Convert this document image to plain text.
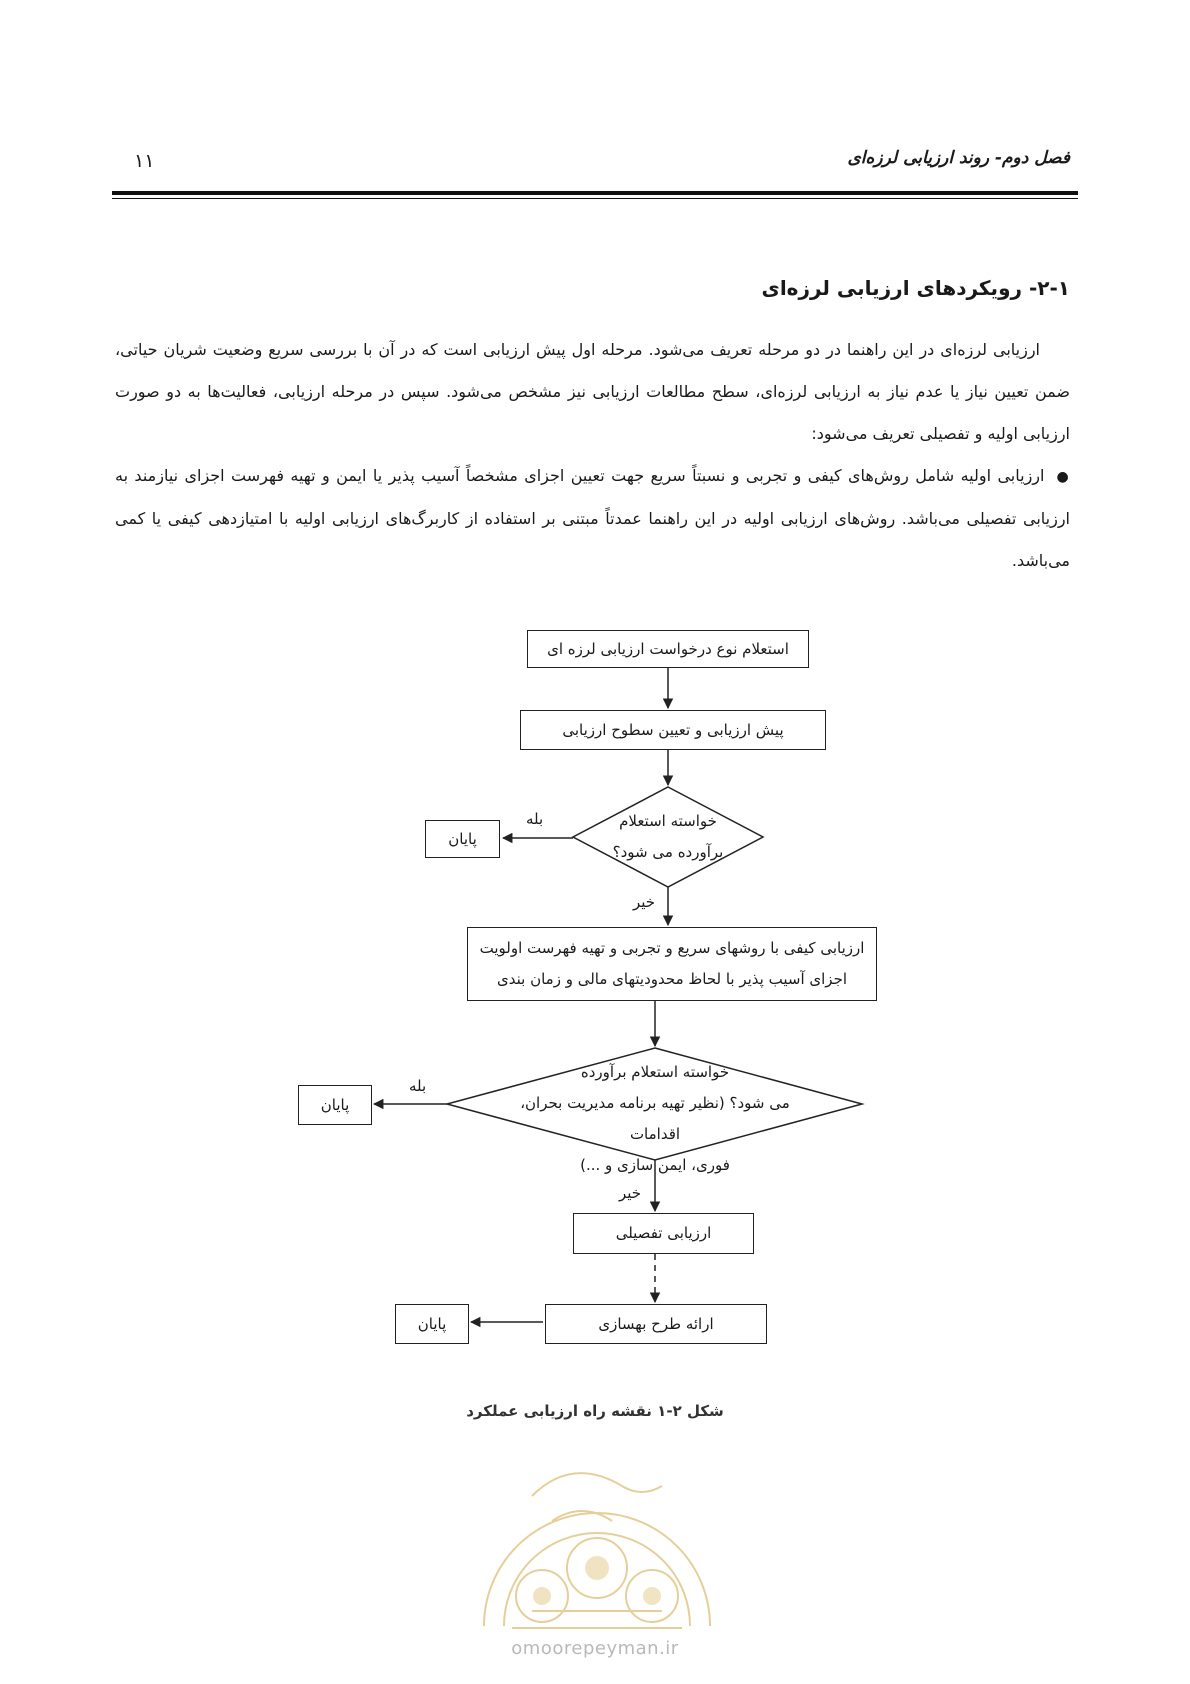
فصل دوم- روند ارزیابی لرزه‌ای
۱۱
۲-۱- رویکردهای ارزیابی لرزه‌ای
ارزیابی لرزه‌ای در این راهنما در دو مرحله تعریف می‌شود. مرحله اول پیش ارزیابی است که در آن با بررسی سریع وضعیت شریان حیاتی، ضمن تعیین نیاز یا عدم نیاز به ارزیابی لرزه‌ای، سطح مطالعات ارزیابی نیز مشخص می‌شود. سپس در مرحله ارزیابی، فعالیت‌ها به دو صورت ارزیابی اولیه و تفصیلی تعریف می‌شود:
●ارزیابی اولیه شامل روش‌های کیفی و تجربی و نسبتاً سریع جهت تعیین اجزای مشخصاً آسیب پذیر یا ایمن و تهیه فهرست اجزای نیازمند به ارزیابی تفصیلی می‌باشد. روش‌های ارزیابی اولیه در این راهنما عمدتاً مبتنی بر استفاده از کاربرگ‌های ارزیابی اولیه با امتیازدهی کیفی یا کمی می‌باشد.
استعلام نوع درخواست ارزیابی لرزه ای
پیش ارزیابی و تعیین سطوح ارزیابی
خواسته استعلام
برآورده می شود؟
بله
پایان
خیر
ارزیابی کیفی با روشهای سریع و تجربی و تهیه فهرست اولویت
اجزای آسیب پذیر با لحاظ محدودیتهای مالی و زمان بندی
خواسته استعلام برآورده
می شود؟ (نظیر تهیه برنامه مدیریت بحران، اقدامات
فوری، ایمن سازی و ...)
بله
پایان
خیر
ارزیابی تفصیلی
ارائه طرح بهسازی
پایان
شکل ۲-۱ نقشه راه ارزیابی عملکرد
omoorepeyman.ir
